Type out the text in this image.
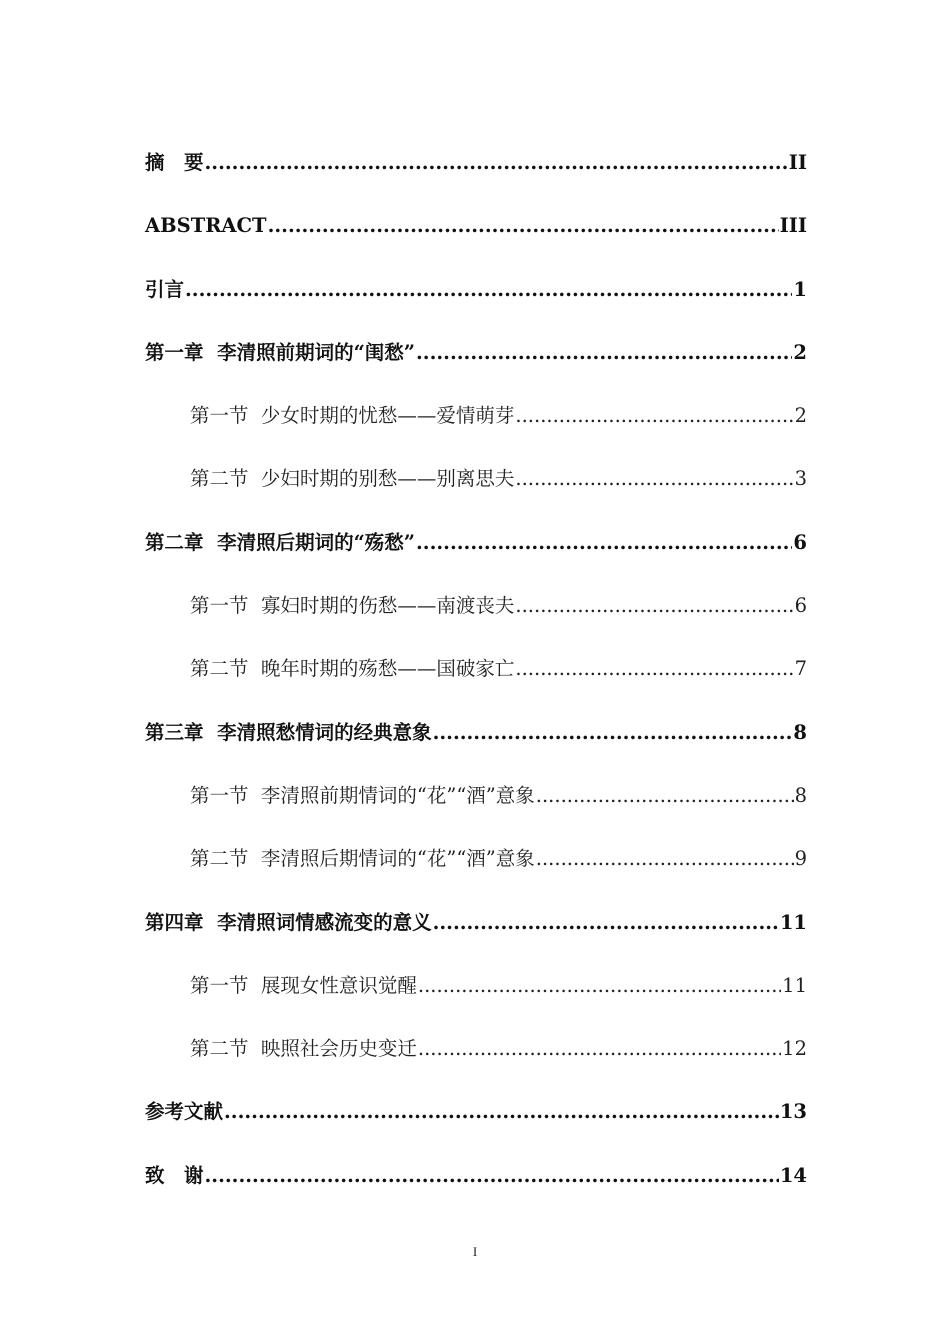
摘　要 .....	II
ABSTRACT .....	III
引言 .....	1
第一章  李清照前期词的“闺愁” .....	2
第一节  少女时期的忧愁——爱情萌芽 .....	2
第二节  少妇时期的别愁——别离思夫 .....	3
第二章  李清照后期词的“殇愁” .....	6
第一节  寡妇时期的伤愁——南渡丧夫 .....	6
第二节  晚年时期的殇愁——国破家亡 .....	7
第三章  李清照愁情词的经典意象 .....	8
第一节  李清照前期情词的“花”“酒”意象 .....	8
第二节  李清照后期情词的“花”“酒”意象 .....	9
第四章  李清照词情感流变的意义 .....	11
第一节  展现女性意识觉醒 .....	11
第二节  映照社会历史变迁 .....	12
参考文献 .....	13
致　谢 .....	14
I
